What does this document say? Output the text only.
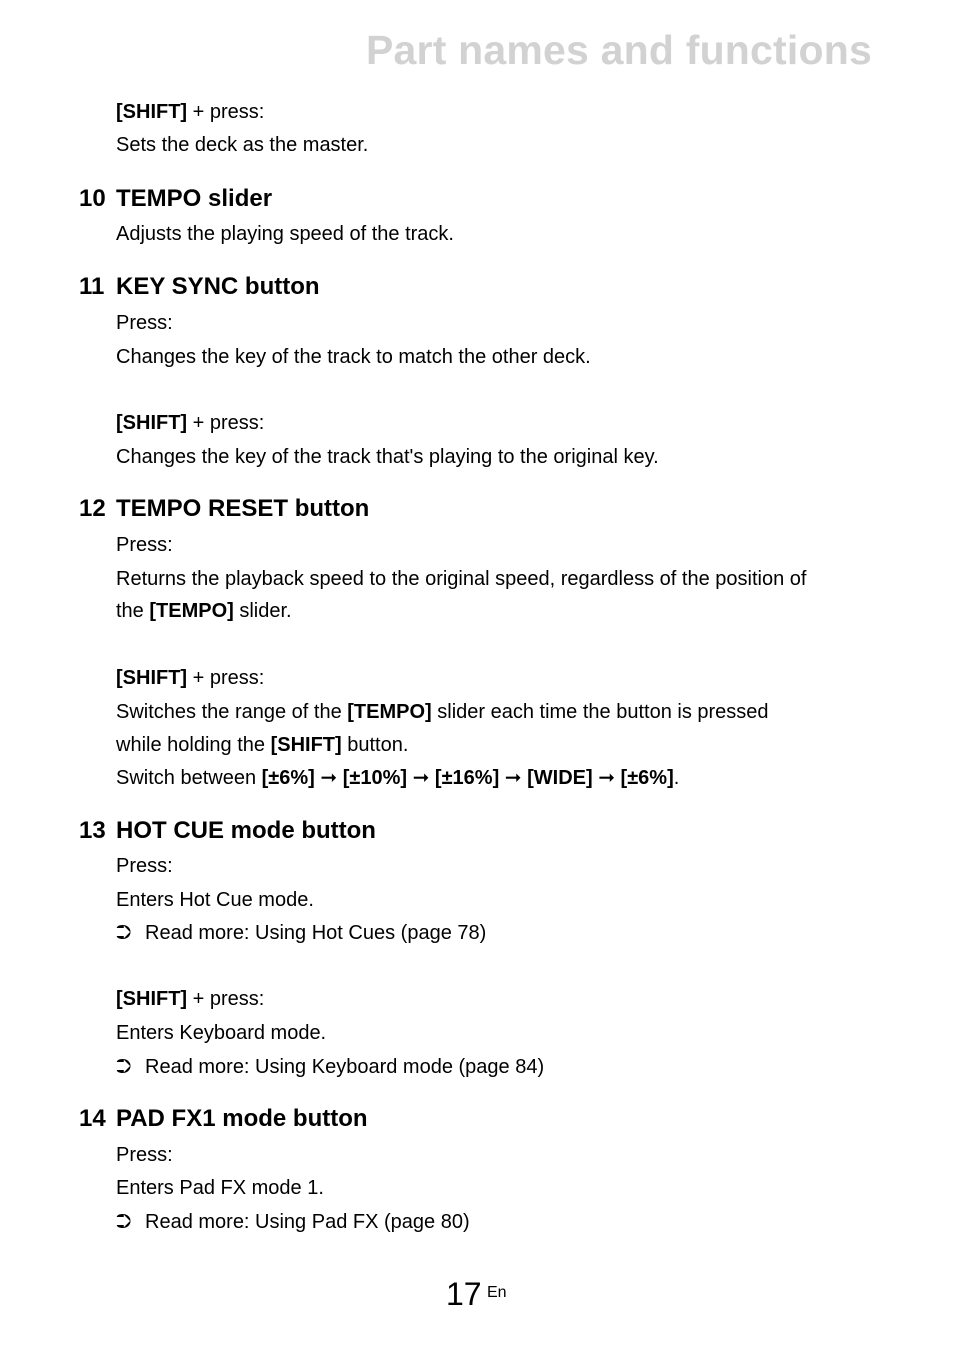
Part names and functions
[SHIFT] + press:
Sets the deck as the master.
10 TEMPO slider
Adjusts the playing speed of the track.
11 KEY SYNC button
Press:
Changes the key of the track to match the other deck.
[SHIFT] + press:
Changes the key of the track that's playing to the original key.
12 TEMPO RESET button
Press:
Returns the playback speed to the original speed, regardless of the position of
the [TEMPO] slider.
[SHIFT] + press:
Switches the range of the [TEMPO] slider each time the button is pressed
while holding the [SHIFT] button.
Switch between [±6%] ➞ [±10%] ➞ [±16%] ➞ [WIDE] ➞ [±6%].
13 HOT CUE mode button
Press:
Enters Hot Cue mode.
⮊ Read more: Using Hot Cues (page 78)
[SHIFT] + press:
Enters Keyboard mode.
⮊ Read more: Using Keyboard mode (page 84)
14 PAD FX1 mode button
Press:
Enters Pad FX mode 1.
⮊ Read more: Using Pad FX (page 80)
17 En
